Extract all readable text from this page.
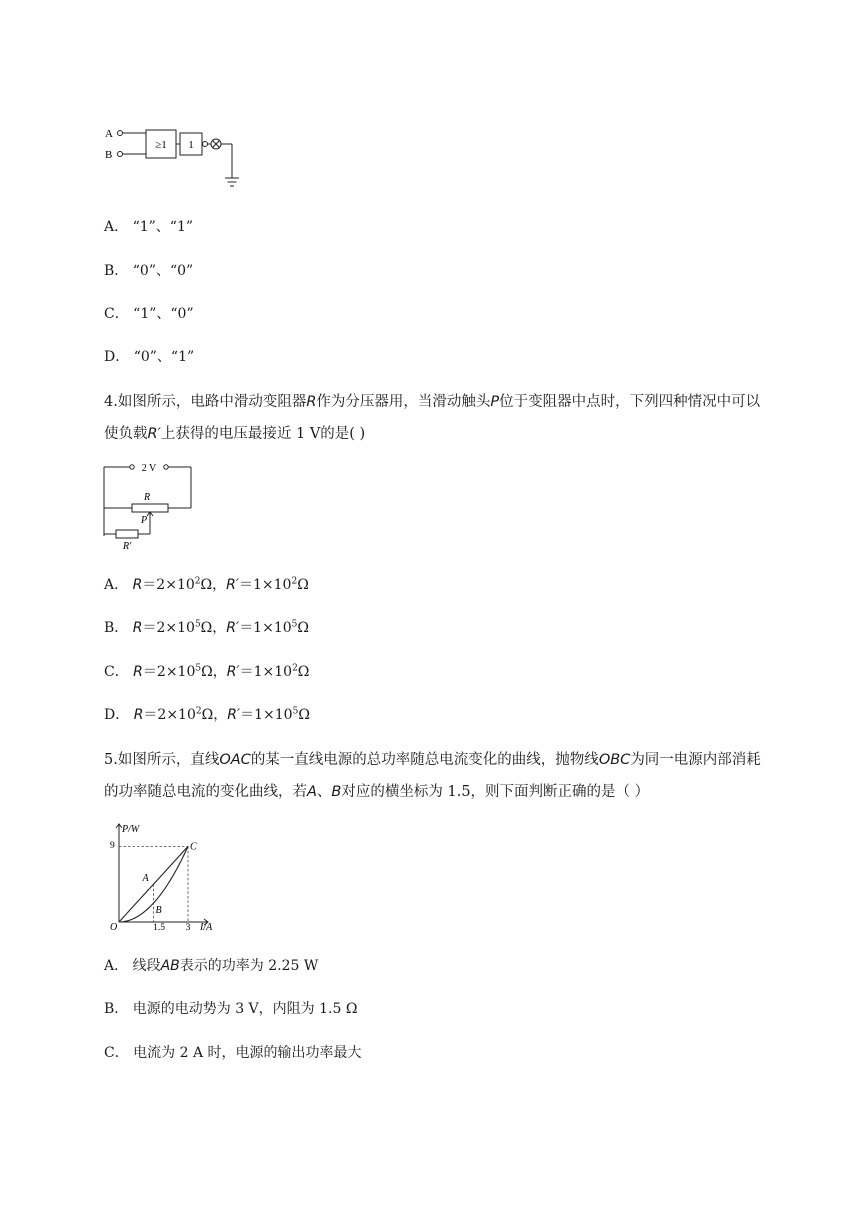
A
B
≥1 1
A． “1”、“1”
B． “0”、“0”
C． “1”、“0”
D． “0”、“1”
4.如图所示，电路中滑动变阻器R作为分压器用，当滑动触头P位于变阻器中点时，下列四种情况中可以使负载R′上获得的电压最接近 1 V的是( )
2 V
R
P
R′
A． $R=2\times 10^2\Omega$，$R'=1\times 10^2\Omega$
B． $R=2\times 10^5\Omega$，$R'=1\times 10^5\Omega$
C． $R=2\times 10^5\Omega$，$R'=1\times 10^2\Omega$
D． $R=2\times 10^2\Omega$，$R'=1\times 10^5\Omega$
5.如图所示，直线OAC的某一直线电源的总功率随总电流变化的曲线，抛物线OBC为同一电源内部消耗的功率随总电流的变化曲线，若A、B对应的横坐标为 1.5，则下面判断正确的是（ ）
P/W
I/A
9
1.5 3
O
A
B
C
A． 线段AB表示的功率为 2.25 W
B． 电源的电动势为 3 V，内阻为 1.5 Ω
C． 电流为 2 A 时，电源的输出功率最大
